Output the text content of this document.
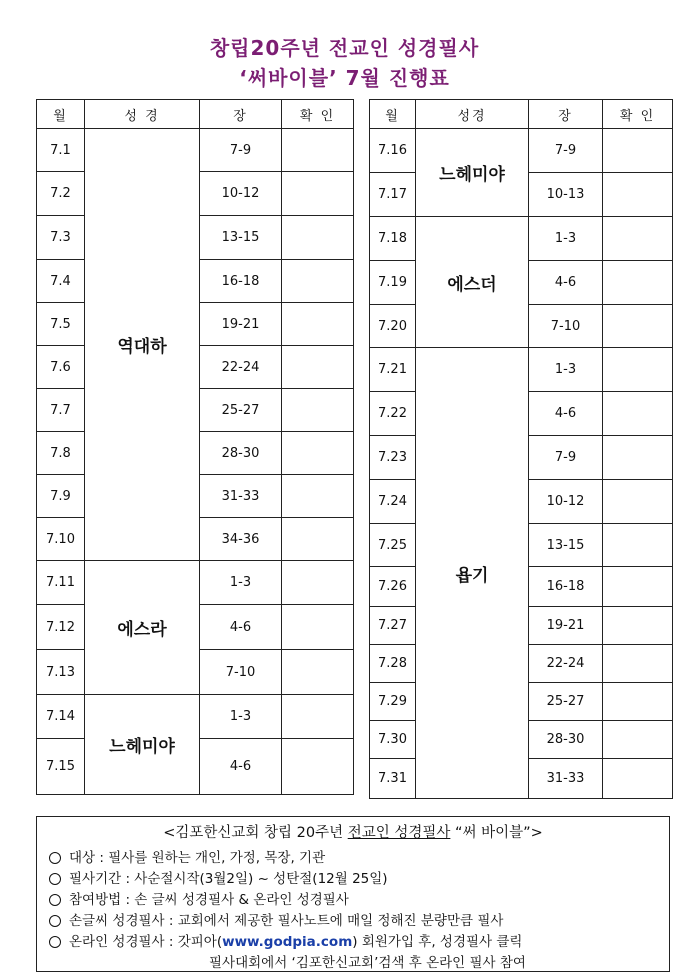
창립20주년 전교인 성경필사
‘써바이블’ 7월 진행표
월	성 경	장	확 인
7.1	역대하	7-9	
7.2		10-12	
7.3		13-15	
7.4		16-18	
7.5		19-21	
7.6		22-24	
7.7		25-27	
7.8		28-30	
7.9		31-33	
7.10		34-36	
7.11	에스라	1-3	
7.12		4-6	
7.13		7-10	
7.14	느헤미야	1-3	
7.15		4-6	
월	성경	장	확 인
7.16	느헤미야	7-9	
7.17		10-13	
7.18	에스더	1-3	
7.19		4-6	
7.20		7-10	
7.21	욥기	1-3	
7.22		4-6	
7.23		7-9	
7.24		10-12	
7.25		13-15	
7.26		16-18	
7.27		19-21	
7.28		22-24	
7.29		25-27	
7.30		28-30	
7.31		31-33	
<김포한신교회 창립 20주년 전교인 성경필사 “써 바이블”>
대상 : 필사를 원하는 개인, 가정, 목장, 기관
필사기간 : 사순절시작(3월2일) ~ 성탄절(12월 25일)
참여방법 : 손 글씨 성경필사 & 온라인 성경필사
손글씨 성경필사 : 교회에서 제공한 필사노트에 매일 정해진 분량만큼 필사
온라인 성경필사 : 갓피아(www.godpia.com) 회원가입 후, 성경필사 클릭
필사대회에서 ‘김포한신교회’검색 후 온라인 필사 참여
